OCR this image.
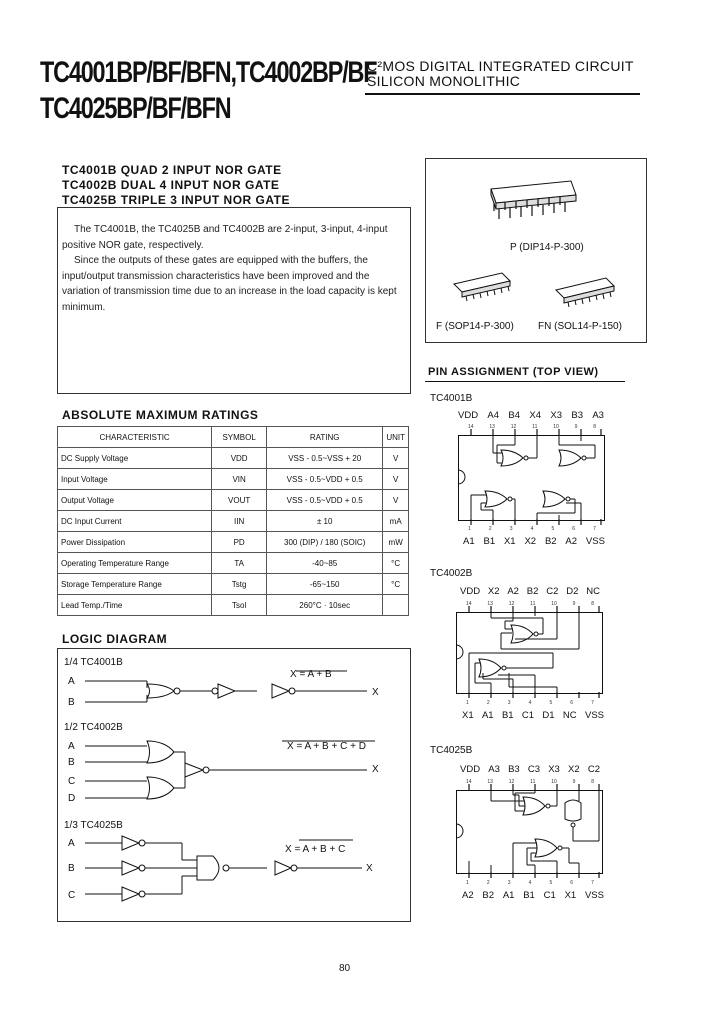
TC4001BP/BF/BFN,TC4002BP/BF
TC4025BP/BF/BFN
C²MOS DIGITAL INTEGRATED CIRCUIT
SILICON MONOLITHIC
TC4001B QUAD 2 INPUT NOR GATE
TC4002B DUAL 4 INPUT NOR GATE
TC4025B TRIPLE 3 INPUT NOR GATE
The TC4001B, the TC4025B and TC4002B are 2-input, 3-input, 4-input positive NOR gate, respectively.
Since the outputs of these gates are equipped with the buffers, the input/output transmission characteristics have been improved and the variation of transmission time due to an increase in the load capacity is kept minimum.
P (DIP14-P-300)
F (SOP14-P-300) FN (SOL14-P-150)
ABSOLUTE MAXIMUM RATINGS
CHARACTERISTIC	SYMBOL	RATING	UNIT
DC Supply Voltage	VDD	VSS - 0.5~VSS + 20	V
Input Voltage	VIN	VSS - 0.5~VDD + 0.5	V
Output Voltage	VOUT	VSS - 0.5~VDD + 0.5	V
DC Input Current	IIN	± 10	mA
Power Dissipation	PD	300 (DIP) / 180 (SOIC)	mW
Operating Temperature Range	TA	-40~85	°C
Storage Temperature Range	Tstg	-65~150	°C
Lead Temp./Time	Tsol	260°C · 10sec	
LOGIC DIAGRAM
1/4 TC4001B
A
B
X = A + B
X
1/2 TC4002B
A
B
C
D
X = A + B + C + D
X
1/3 TC4025B
A
B
C
X = A + B + C
X
PIN ASSIGNMENT (TOP VIEW)
TC4001B
VDD A4 B4 X4 X3 B3 A3
14	13	12	11	10	9	8
1	2	3	4	5	6	7
A1 B1 X1 X2 B2 A2 VSS
TC4002B
VDD X2 A2 B2 C2 D2 NC
14	13	12	11	10	9	8
1	2	3	4	5	6	7
X1 A1 B1 C1 D1 NC VSS
TC4025B
VDD A3 B3 C3 X3 X2 C2
14	13	12	11	10	9	8
1	2	3	4	5	6	7
A2 B2 A1 B1 C1 X1 VSS
80
